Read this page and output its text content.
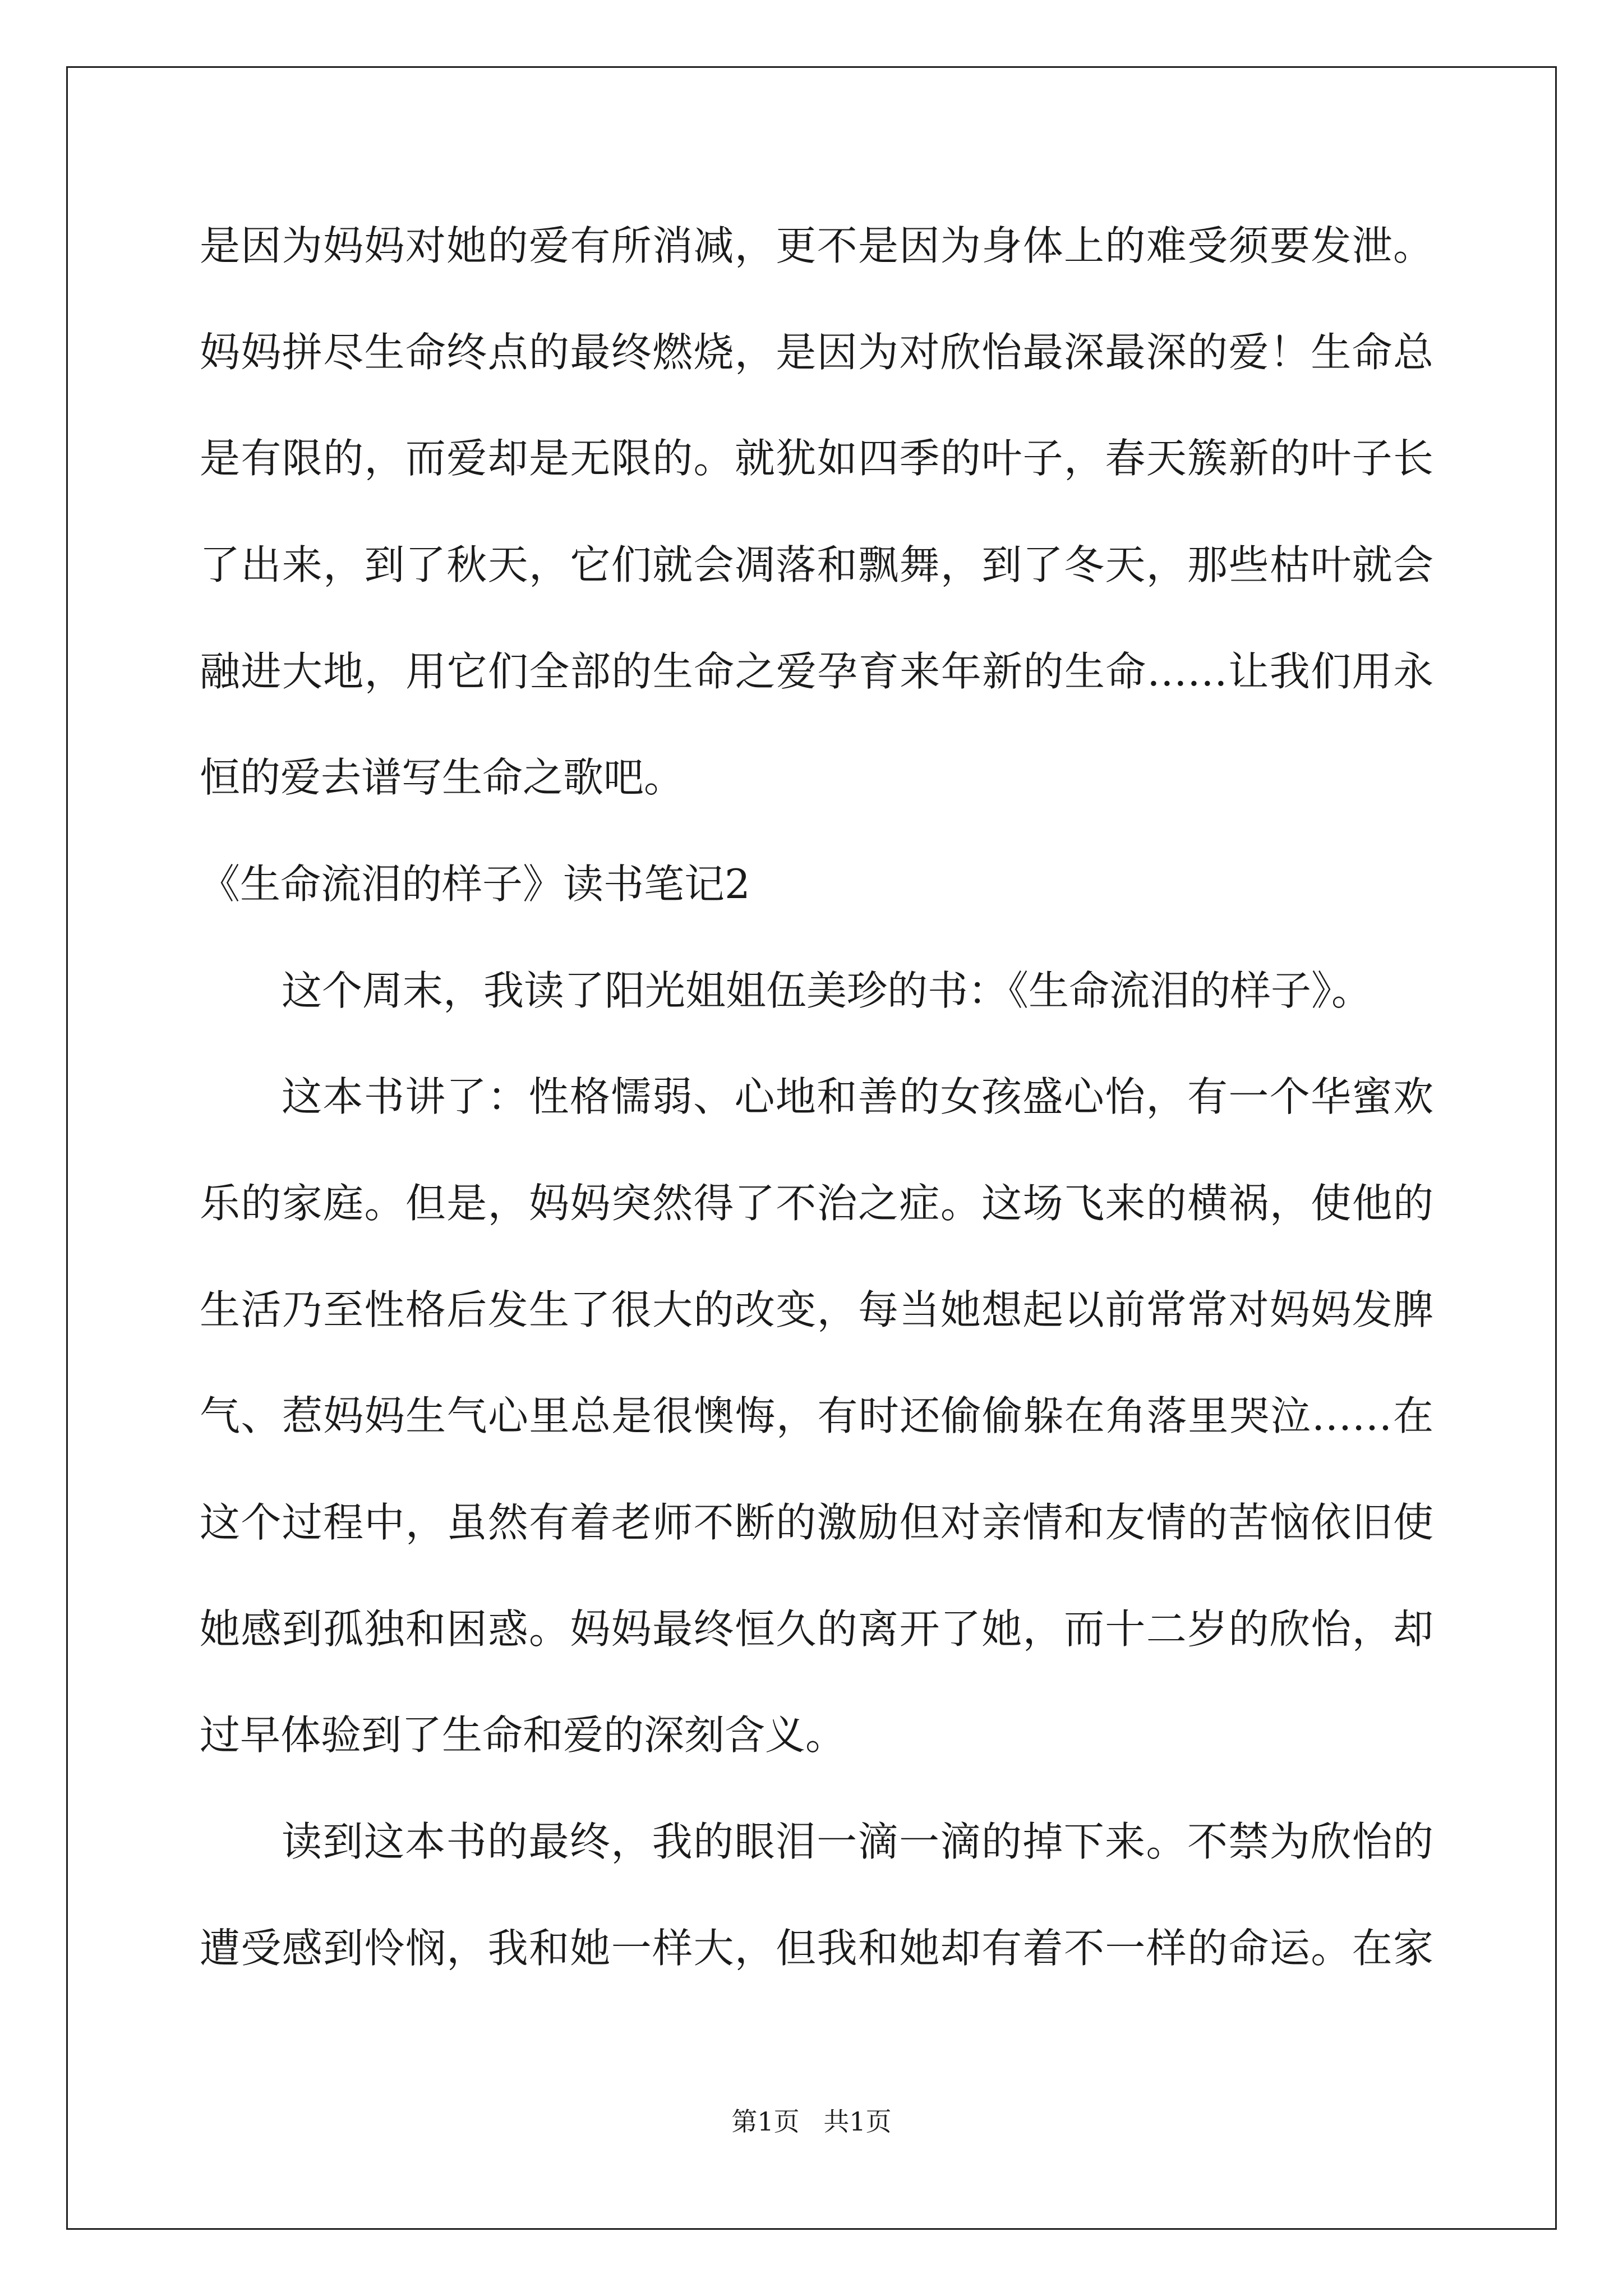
是因为妈妈对她的爱有所消减，更不是因为身体上的难受须要发泄。
妈妈拼尽生命终点的最终燃烧，是因为对欣怡最深最深的爱！生命总
是有限的，而爱却是无限的。就犹如四季的叶子，春天簇新的叶子长
了出来，到了秋天，它们就会凋落和飘舞，到了冬天，那些枯叶就会
融进大地，用它们全部的生命之爱孕育来年新的生命……让我们用永
恒的爱去谱写生命之歌吧。
《生命流泪的样子》读书笔记2
这个周末，我读了阳光姐姐伍美珍的书：《生命流泪的样子》。
这本书讲了：性格懦弱、心地和善的女孩盛心怡，有一个华蜜欢
乐的家庭。但是，妈妈突然得了不治之症。这场飞来的横祸，使他的
生活乃至性格后发生了很大的改变，每当她想起以前常常对妈妈发脾
气、惹妈妈生气心里总是很懊悔，有时还偷偷躲在角落里哭泣……在
这个过程中，虽然有着老师不断的激励但对亲情和友情的苦恼依旧使
她感到孤独和困惑。妈妈最终恒久的离开了她，而十二岁的欣怡，却
过早体验到了生命和爱的深刻含义。
读到这本书的最终，我的眼泪一滴一滴的掉下来。不禁为欣怡的
遭受感到怜悯，我和她一样大，但我和她却有着不一样的命运。在家
第1页 共1页
